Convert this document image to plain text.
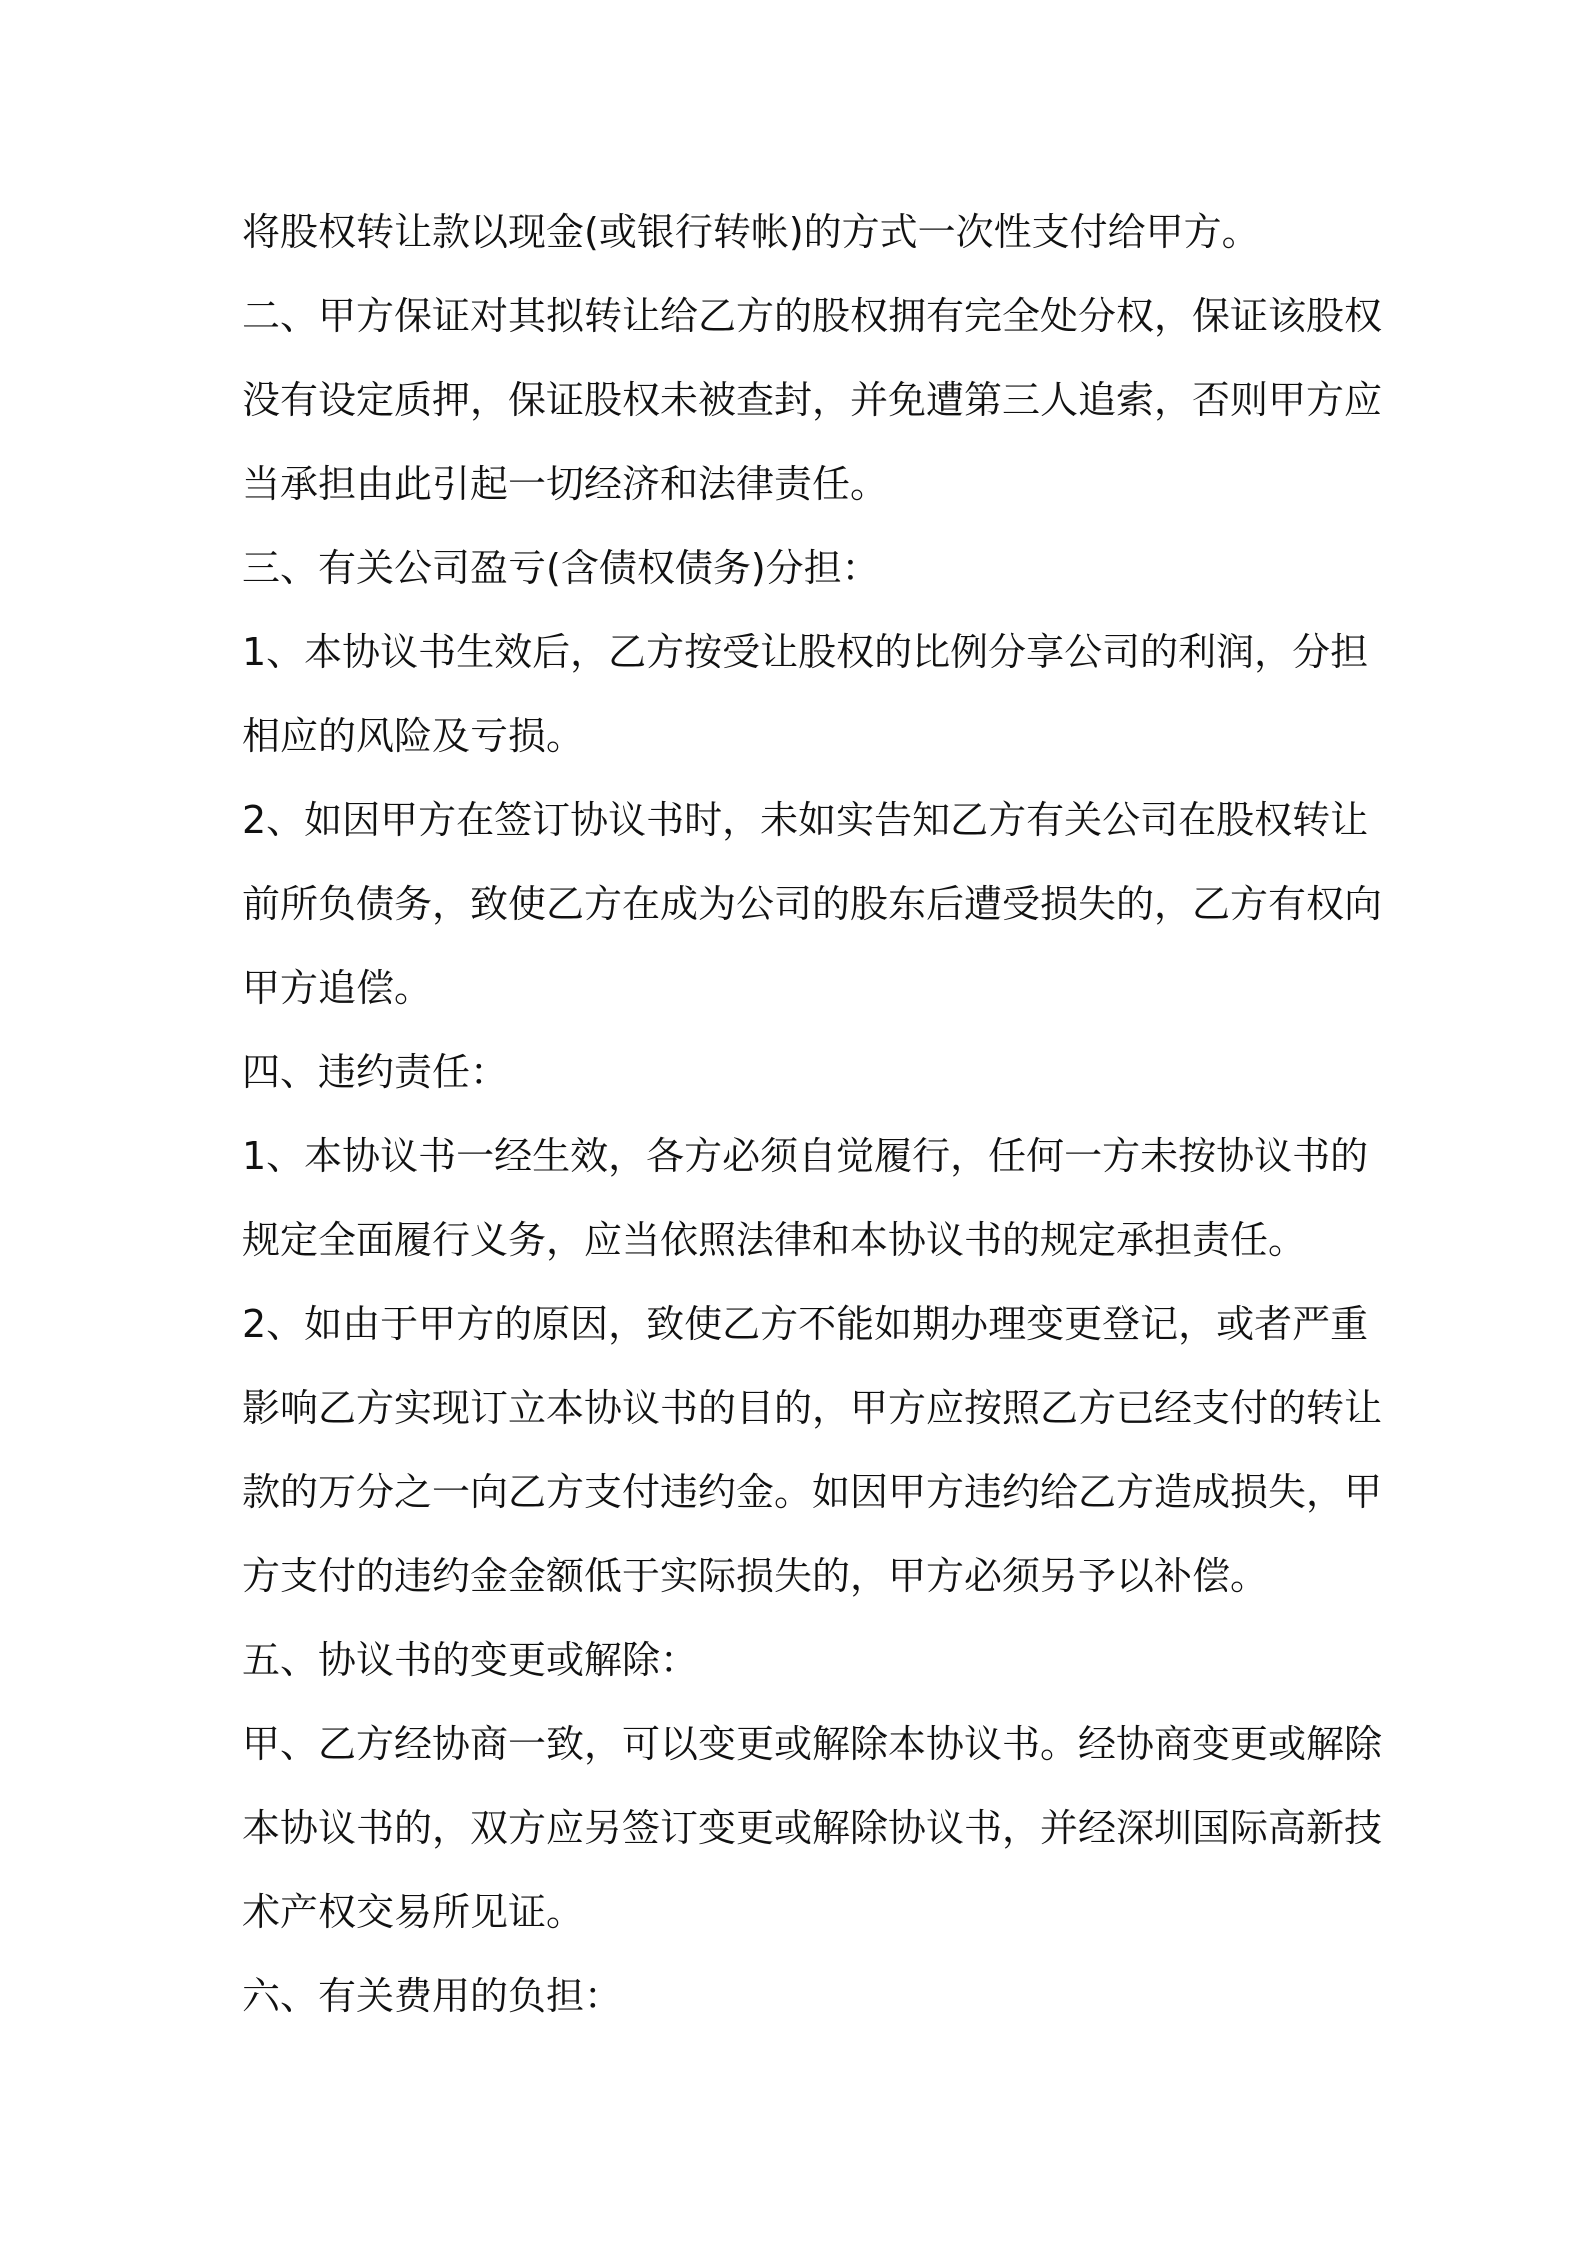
将股权转让款以现金(或银行转帐)的方式一次性支付给甲方。
二、甲方保证对其拟转让给乙方的股权拥有完全处分权，保证该股权
没有设定质押，保证股权未被查封，并免遭第三人追索，否则甲方应
当承担由此引起一切经济和法律责任。
三、有关公司盈亏(含债权债务)分担：
1、本协议书生效后，乙方按受让股权的比例分享公司的利润，分担
相应的风险及亏损。
2、如因甲方在签订协议书时，未如实告知乙方有关公司在股权转让
前所负债务，致使乙方在成为公司的股东后遭受损失的，乙方有权向
甲方追偿。
四、违约责任：
1、本协议书一经生效，各方必须自觉履行，任何一方未按协议书的
规定全面履行义务，应当依照法律和本协议书的规定承担责任。
2、如由于甲方的原因，致使乙方不能如期办理变更登记，或者严重
影响乙方实现订立本协议书的目的，甲方应按照乙方已经支付的转让
款的万分之一向乙方支付违约金。如因甲方违约给乙方造成损失，甲
方支付的违约金金额低于实际损失的，甲方必须另予以补偿。
五、协议书的变更或解除：
甲、乙方经协商一致，可以变更或解除本协议书。经协商变更或解除
本协议书的，双方应另签订变更或解除协议书，并经深圳国际高新技
术产权交易所见证。
六、有关费用的负担：
